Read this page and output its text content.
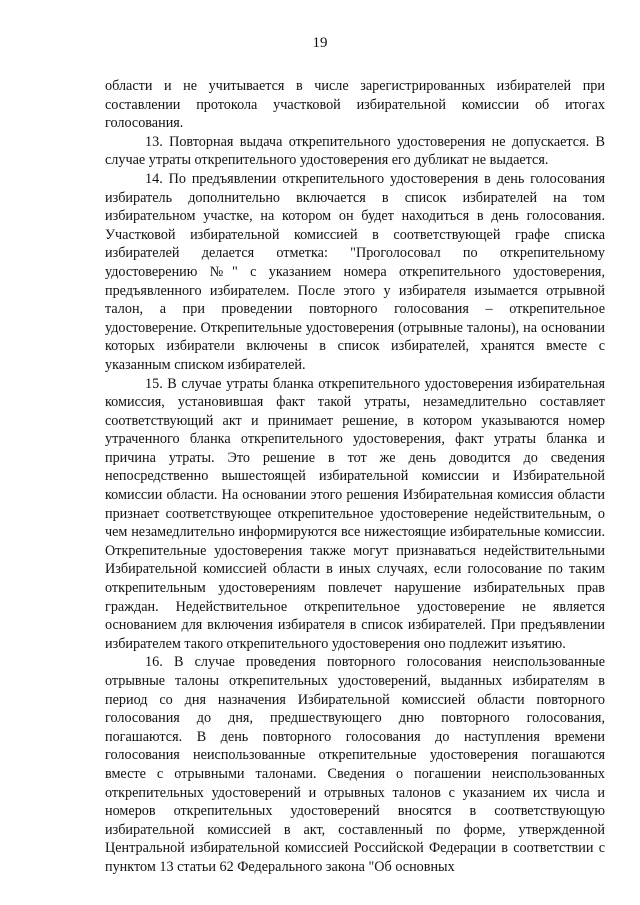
19

области и не учитывается в числе зарегистрированных избирателей при составлении протокола участковой избирательной комиссии об итогах голосования.

13. Повторная выдача открепительного удостоверения не допускается. В случае утраты открепительного удостоверения его дубликат не выдается.

14. По предъявлении открепительного удостоверения в день голосования избиратель дополнительно включается в список избирателей на том избирательном участке, на котором он будет находиться в день голосования. Участковой избирательной комиссией в соответствующей графе списка избирателей делается отметка: "Проголосовал по открепительному удостоверению №" с указанием номера открепительного удостоверения, предъявленного избирателем. После этого у избирателя изымается отрывной талон, а при проведении повторного голосования – открепительное удостоверение. Открепительные удостоверения (отрывные талоны), на основании которых избиратели включены в список избирателей, хранятся вместе с указанным списком избирателей.

15. В случае утраты бланка открепительного удостоверения избирательная комиссия, установившая факт такой утраты, незамедлительно составляет соответствующий акт и принимает решение, в котором указываются номер утраченного бланка открепительного удостоверения, факт утраты бланка и причина утраты. Это решение в тот же день доводится до сведения непосредственно вышестоящей избирательной комиссии и Избирательной комиссии области. На основании этого решения Избирательная комиссия области признает соответствующее открепительное удостоверение недействительным, о чем незамедлительно информируются все нижестоящие избирательные комиссии. Открепительные удостоверения также могут признаваться недействительными Избирательной комиссией области в иных случаях, если голосование по таким открепительным удостоверениям повлечет нарушение избирательных прав граждан. Недействительное открепительное удостоверение не является основанием для включения избирателя в список избирателей. При предъявлении избирателем такого открепительного удостоверения оно подлежит изъятию.

16. В случае проведения повторного голосования неиспользованные отрывные талоны открепительных удостоверений, выданных избирателям в период со дня назначения Избирательной комиссией области повторного голосования до дня, предшествующего дню повторного голосования, погашаются. В день повторного голосования до наступления времени голосования неиспользованные открепительные удостоверения погашаются вместе с отрывными талонами. Сведения о погашении неиспользованных открепительных удостоверений и отрывных талонов с указанием их числа и номеров открепительных удостоверений вносятся в соответствующую избирательной комиссией в акт, составленный по форме, утвержденной Центральной избирательной комиссией Российской Федерации в соответствии с пунктом 13 статьи 62 Федерального закона "Об основных
